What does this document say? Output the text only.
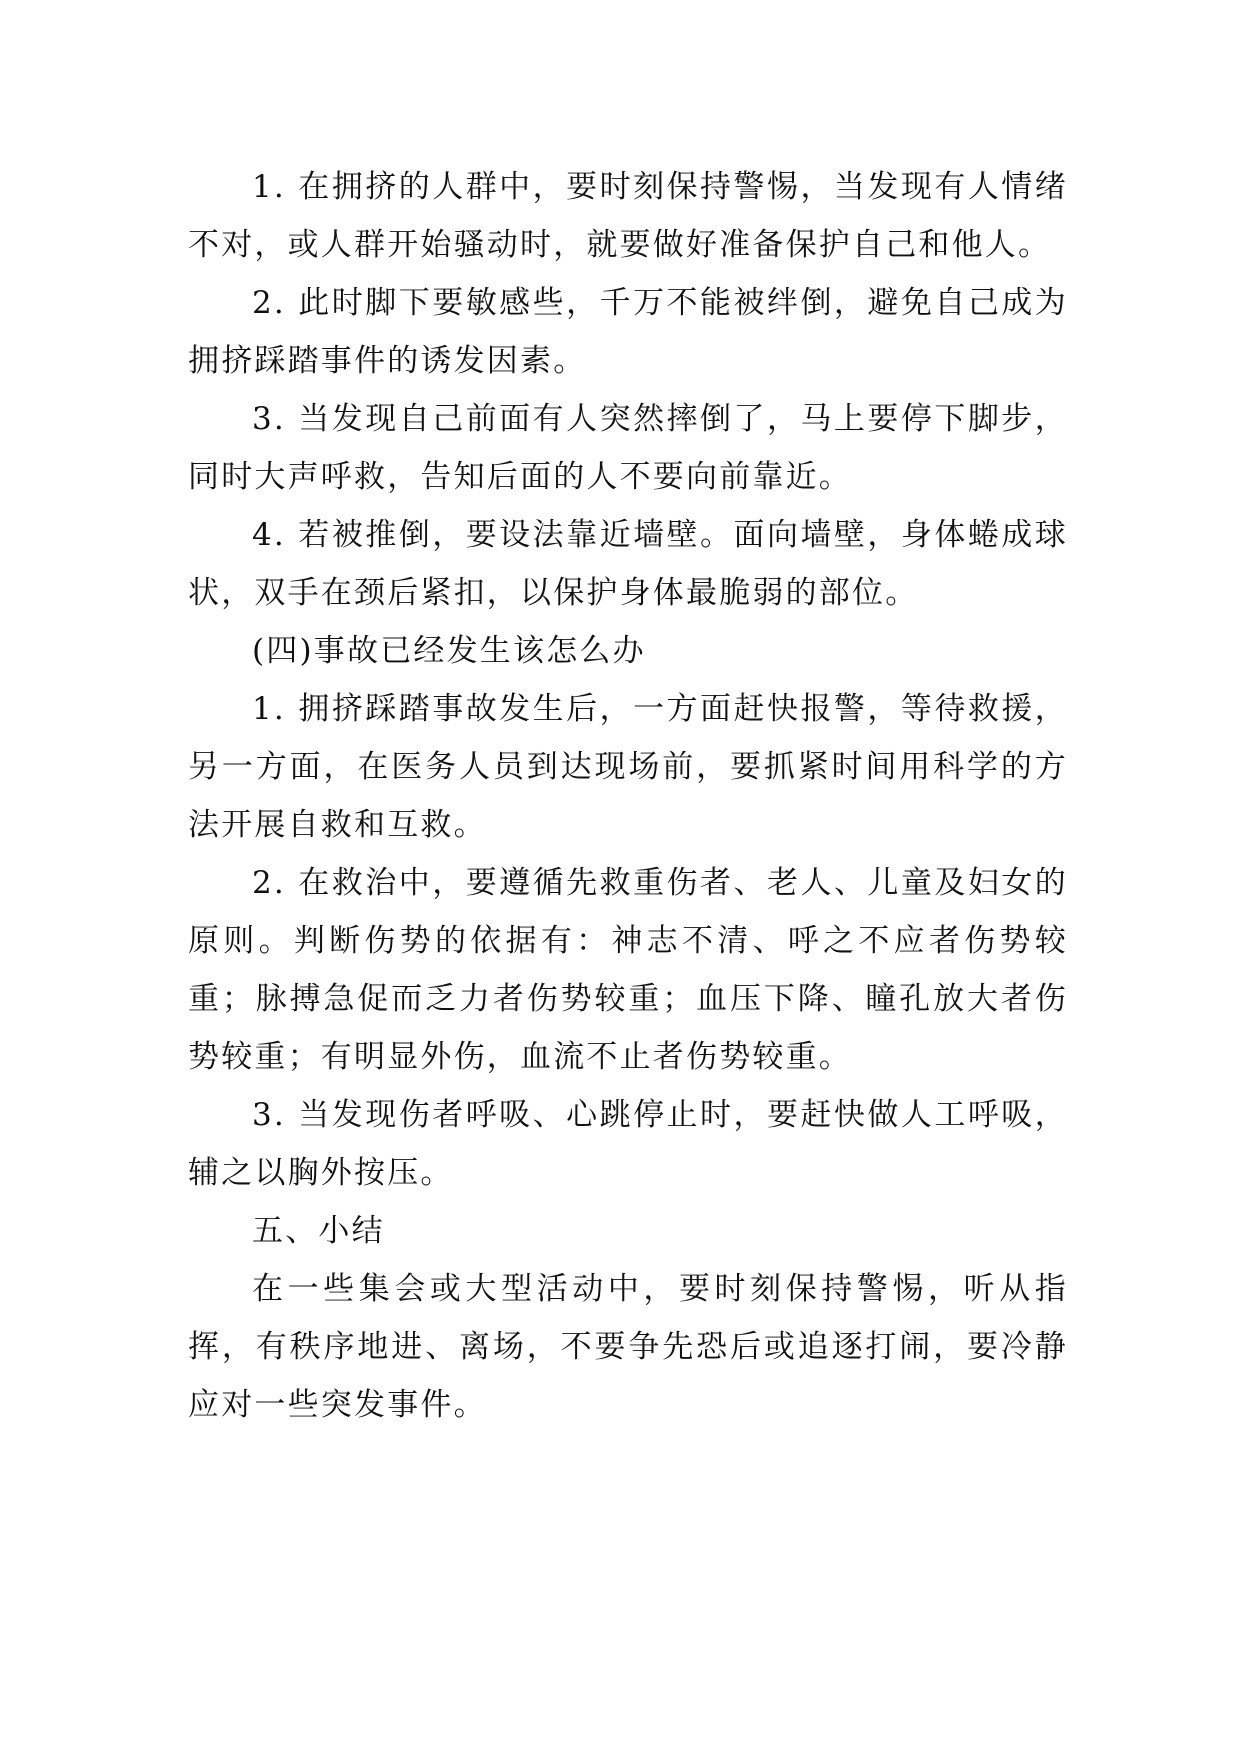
1. 在拥挤的人群中，要时刻保持警惕，当发现有人情绪不对，或人群开始骚动时，就要做好准备保护自己和他人。

2. 此时脚下要敏感些，千万不能被绊倒，避免自己成为拥挤踩踏事件的诱发因素。

3. 当发现自己前面有人突然摔倒了，马上要停下脚步，同时大声呼救，告知后面的人不要向前靠近。

4. 若被推倒，要设法靠近墙壁。面向墙壁，身体蜷成球状，双手在颈后紧扣，以保护身体最脆弱的部位。

(四)事故已经发生该怎么办

1. 拥挤踩踏事故发生后，一方面赶快报警，等待救援，另一方面，在医务人员到达现场前，要抓紧时间用科学的方法开展自救和互救。

2. 在救治中，要遵循先救重伤者、老人、儿童及妇女的原则。判断伤势的依据有：神志不清、呼之不应者伤势较重；脉搏急促而乏力者伤势较重；血压下降、瞳孔放大者伤势较重；有明显外伤，血流不止者伤势较重。

3. 当发现伤者呼吸、心跳停止时，要赶快做人工呼吸，辅之以胸外按压。

五、小结

在一些集会或大型活动中，要时刻保持警惕，听从指挥，有秩序地进、离场，不要争先恐后或追逐打闹，要冷静应对一些突发事件。
